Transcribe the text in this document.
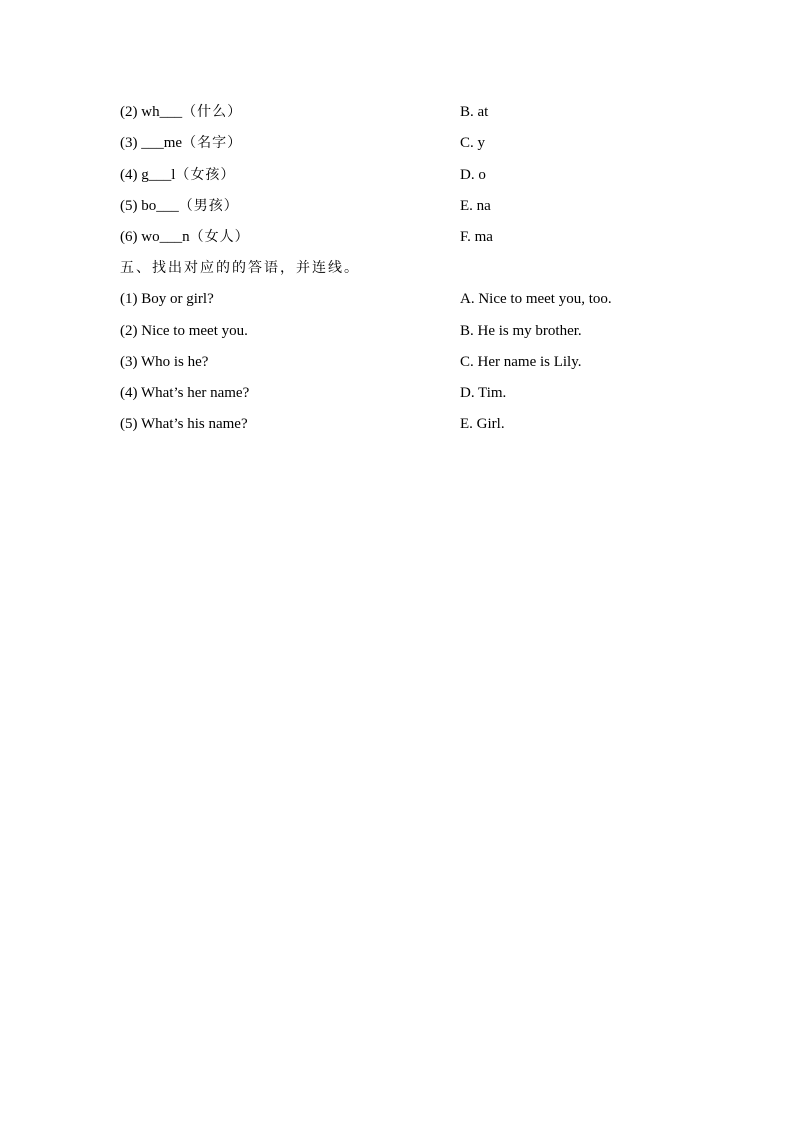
(2) wh___（什么）	B. at
(3) ___me（名字）	C. y
(4) g___l（女孩）	D. o
(5) bo___（男孩）	E. na
(6) wo___n（女人）	F. ma
五、找出对应的的答语，并连线。
(1) Boy or girl?	A. Nice to meet you, too.
(2) Nice to meet you.	B. He is my brother.
(3) Who is he?	C. Her name is Lily.
(4) What’s her name?	D. Tim.
(5) What’s his name?	E. Girl.
